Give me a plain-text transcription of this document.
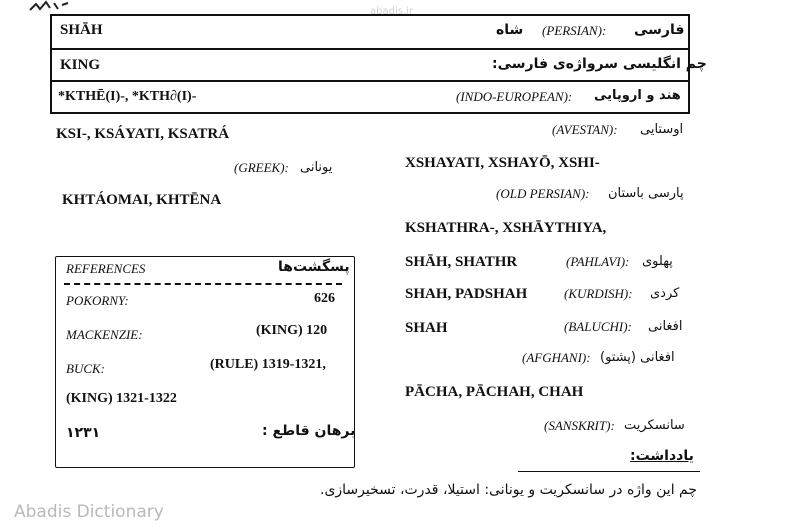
abadis.ir
SHĀH	شاه (PERSIAN): فارسی
KING	چم انگلیسی سرواژه‌ی فارسی:
*KTHĒ(I)-, *KTH∂(I)-	(INDO-EUROPEAN): هند و اروپایی
KSI-, KSÁYATI, KSATRÁ	(AVESTAN): اوستایی
(GREEK): یونانی
KHTÁOMAI, KHTĒNA
XSHAYATI, XSHAYŌ, XSHI-
(OLD PERSIAN): پارسی باستان
KSHATHRA-, XSHĀYTHIYA,
SHĀH, SHATHR	(PAHLAVI): پهلوی
SHAH, PADSHAH	(KURDISH): کردی
SHAH	(BALUCHI): افغانی
(AFGHANI): افغانی (پشتو)
PĀCHA, PĀCHAH, CHAH
(SANSKRIT): سانسکریت
یادداشت:
چم این واژه در سانسکریت و یونانی: استیلا، قدرت، تسخیرسازی.
REFERENCES	پسگشت‌ها
POKORNY:	626
MACKENZIE:	(KING) 120
BUCK:	(RULE) 1319-1321,
(KING) 1321-1322
۱۲۳۱	برهان قاطع :
Abadis Dictionary
